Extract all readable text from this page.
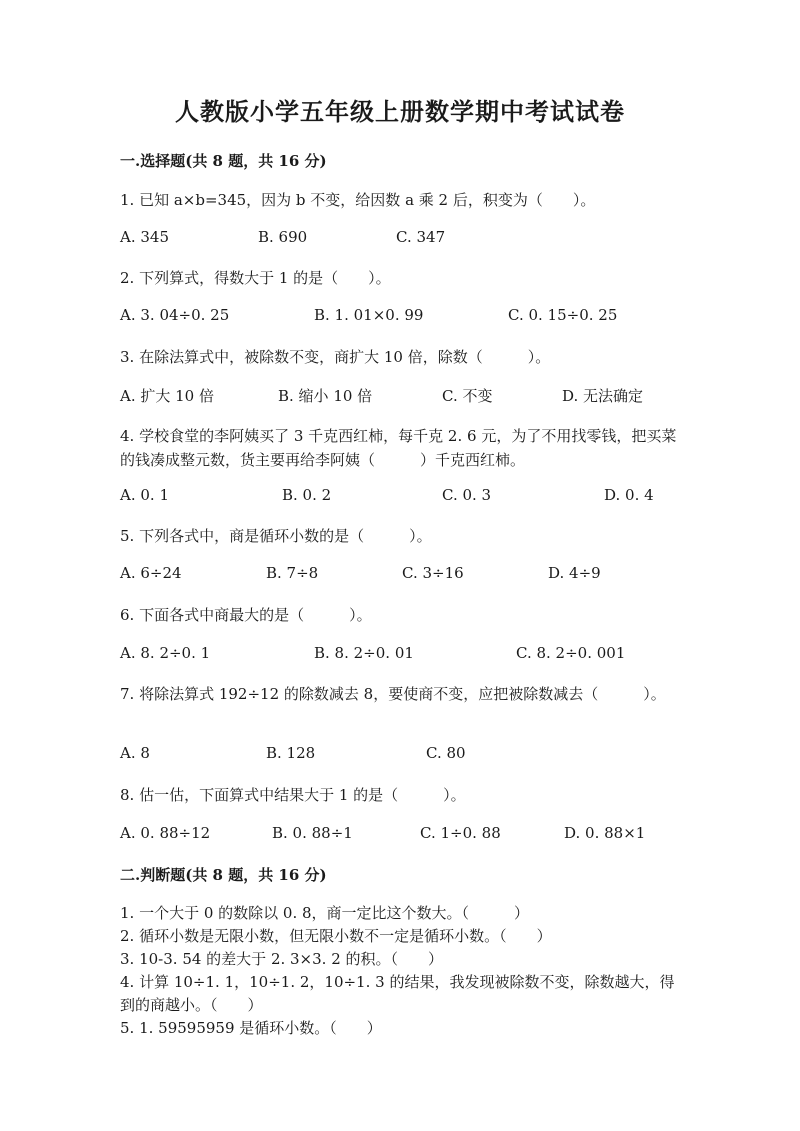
人教版小学五年级上册数学期中考试试卷
一.选择题(共 8 题，共 16 分)
1. 已知 a×b=345，因为 b 不变，给因数 a 乘 2 后，积变为（　　）。
A. 345	B. 690	C. 347
2. 下列算式，得数大于 1 的是（　　）。
A. 3. 04÷0. 25	B. 1. 01×0. 99	C. 0. 15÷0. 25
3. 在除法算式中，被除数不变，商扩大 10 倍，除数（　　　）。
A. 扩大 10 倍	B. 缩小 10 倍	C. 不变	D. 无法确定
4. 学校食堂的李阿姨买了 3 千克西红柿，每千克 2. 6 元，为了不用找零钱，把买菜的钱凑成整元数，货主要再给李阿姨（　　　）千克西红柿。
A. 0. 1	B. 0. 2	C. 0. 3	D. 0. 4
5. 下列各式中，商是循环小数的是（　　　）。
A. 6÷24	B. 7÷8	C. 3÷16	D. 4÷9
6. 下面各式中商最大的是（　　　）。
A. 8. 2÷0. 1	B. 8. 2÷0. 01	C. 8. 2÷0. 001
7. 将除法算式 192÷12 的除数减去 8，要使商不变，应把被除数减去（　　　）。
A. 8	B. 128	C. 80
8. 估一估，下面算式中结果大于 1 的是（　　　）。
A. 0. 88÷12	B. 0. 88÷1	C. 1÷0. 88	D. 0. 88×1
二.判断题(共 8 题，共 16 分)
1. 一个大于 0 的数除以 0. 8，商一定比这个数大。（　　　）
2. 循环小数是无限小数，但无限小数不一定是循环小数。（　　）
3. 10-3. 54 的差大于 2. 3×3. 2 的积。（　　）
4. 计算 10÷1. 1，10÷1. 2，10÷1. 3 的结果，我发现被除数不变，除数越大，得到的商越小。（　　）
5. 1. 59595959 是循环小数。（　　）
